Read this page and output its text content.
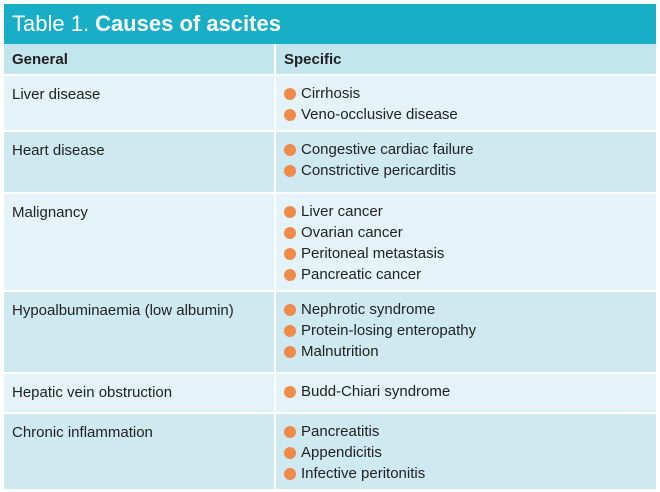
Table 1. Causes of ascites
General	Specific
Liver disease	Cirrhosis
Veno-occlusive disease

Heart disease	Congestive cardiac failure
Constrictive pericarditis

Malignancy	Liver cancer
Ovarian cancer
Peritoneal metastasis
Pancreatic cancer

Hypoalbuminaemia (low albumin)	Nephrotic syndrome
Protein-losing enteropathy
Malnutrition

Hepatic vein obstruction	Budd-Chiari syndrome

Chronic inflammation	Pancreatitis
Appendicitis
Infective peritonitis
